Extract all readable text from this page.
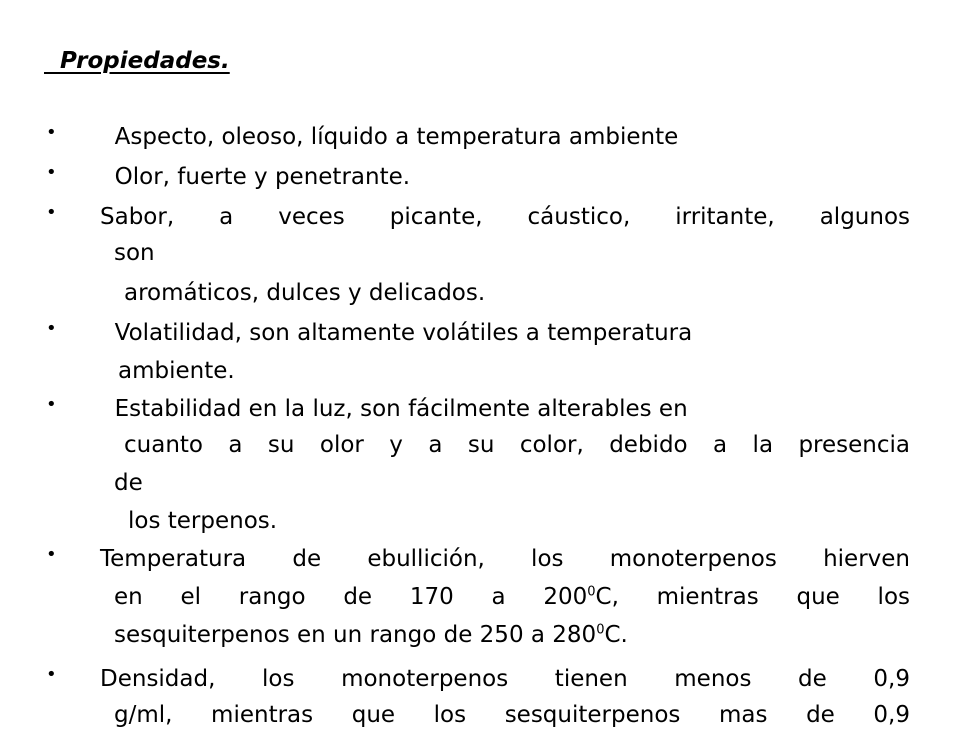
Propiedades.

• Aspecto, oleoso, líquido a temperatura ambiente

• Olor, fuerte y penetrante.

• Sabor, a veces picante, cáustico, irritante, algunos

son

aromáticos, dulces y delicados.

• Volatilidad, son altamente volátiles a temperatura

ambiente.

• Estabilidad en la luz, son fácilmente alterables en

cuanto a su olor y a su color, debido a la presencia

de

los terpenos.

• Temperatura de ebullición, los monoterpenos hierven

en el rango de 170 a $200^0C$, mientras que los

sesquiterpenos en un rango de 250 a $280^0C$.

• Densidad, los monoterpenos tienen menos de 0,9

g/ml, mientras que los sesquiterpenos mas de 0,9
